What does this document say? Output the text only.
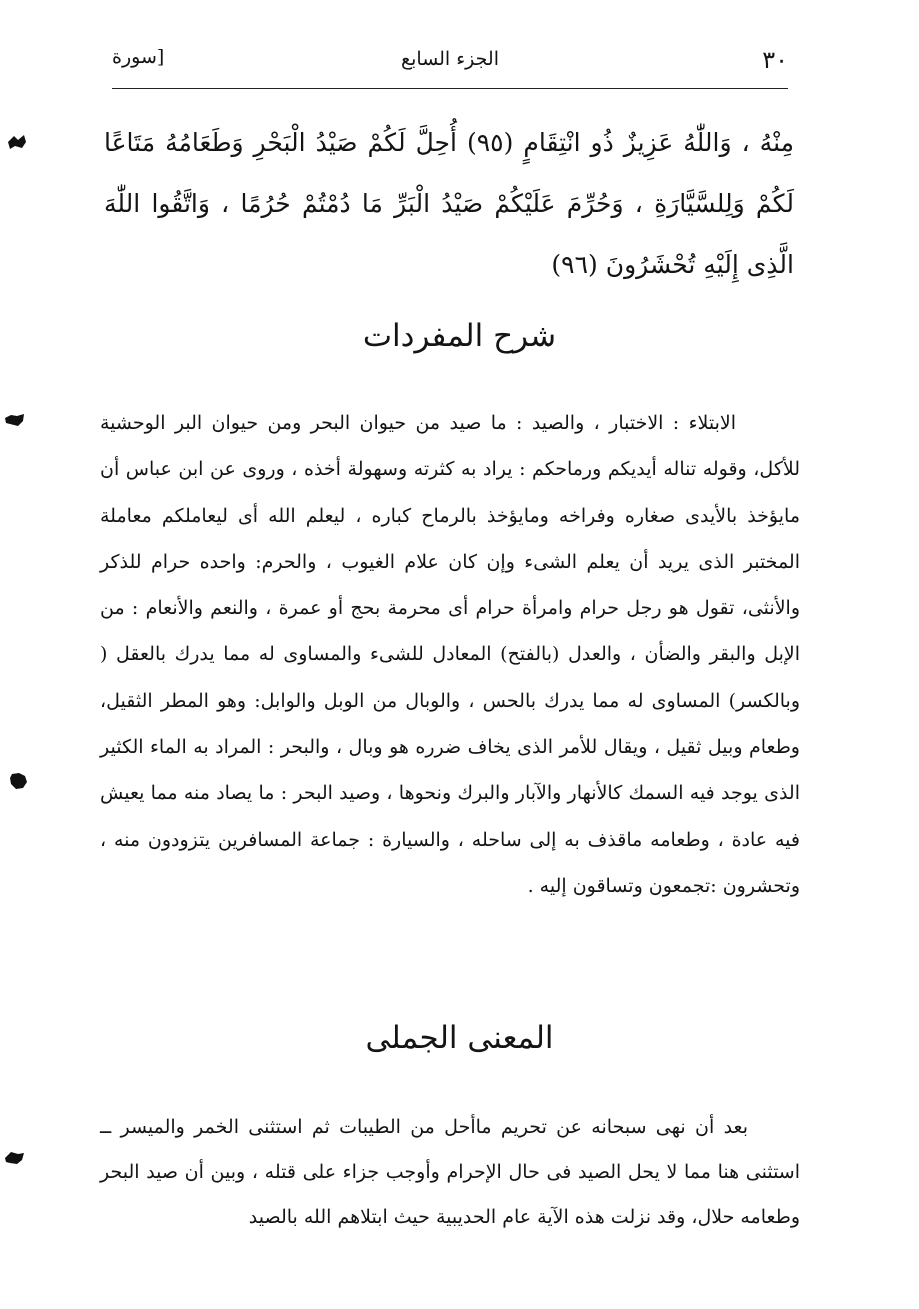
٣٠
الجزء السابع
[سورة
مِنْهُ ، وَاللّٰهُ عَزِيزٌ ذُو انْتِقَامٍ (٩٥) أُحِلَّ لَكُمْ صَيْدُ الْبَحْرِ وَطَعَامُهُ مَتَاعًا لَكُمْ وَلِلسَّيَّارَةِ ، وَحُرِّمَ عَلَيْكُمْ صَيْدُ الْبَرِّ مَا دُمْتُمْ حُرُمًا ، وَاتَّقُوا اللّٰهَ الَّذِى إِلَيْهِ تُحْشَرُونَ (٩٦)
شرح المفردات
الابتلاء : الاختبار ، والصيد : ما صيد من حيوان البحر ومن حيوان البر الوحشية للأكل، وقوله تناله أيديكم ورماحكم : يراد به كثرته وسهولة أخذه ، وروى عن ابن عباس أن مايؤخذ بالأيدى صغاره وفراخه ومايؤخذ بالرماح كباره ، ليعلم الله أى ليعاملكم معاملة المختبر الذى يريد أن يعلم الشىء وإن كان علام الغيوب ، والحرم: واحده حرام للذكر والأنثى، تقول هو رجل حرام وامرأة حرام أى محرمة بحج أو عمرة ، والنعم والأنعام : من الإبل والبقر والضأن ، والعدل (بالفتح) المعادل للشىء والمساوى له مما يدرك بالعقل ( وبالكسر) المساوى له مما يدرك بالحس ، والوبال من الوبل والوابل: وهو المطر الثقيل، وطعام وبيل ثقيل ، ويقال للأمر الذى يخاف ضرره هو وبال ، والبحر : المراد به الماء الكثير الذى يوجد فيه السمك كالأنهار والآبار والبرك ونحوها ، وصيد البحر : ما يصاد منه مما يعيش فيه عادة ، وطعامه ماقذف به إلى ساحله ، والسيارة : جماعة المسافرين يتزودون منه ، وتحشرون :تجمعون وتساقون إليه .
المعنى الجملى
بعد أن نهى سبحانه عن تحريم ماأحل من الطيبات ثم استثنى الخمر والميسر ــ استثنى هنا مما لا يحل الصيد فى حال الإحرام وأوجب جزاء على قتله ، وبين أن صيد البحر وطعامه حلال، وقد نزلت هذه الآية عام الحديبية حيث ابتلاهم الله بالصيد
